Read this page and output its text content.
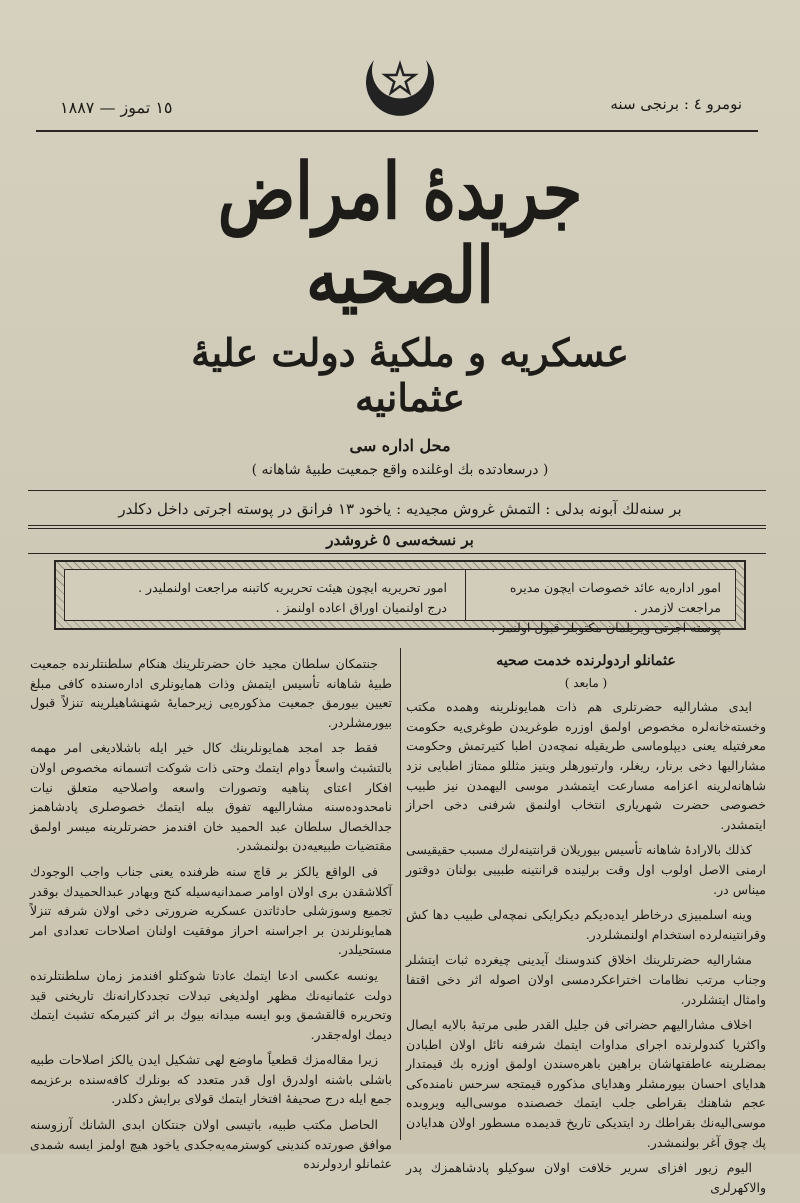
نومرو ٤ : برنجی سنه
١٥ تموز — ١٨٨٧
جریدۀ امراض الصحیه
عسکریه و ملکیۀ دولت علیۀ عثمانیه
محل اداره سی
( درسعادتده بك اوغلنده واقع جمعیت طبیۀ شاهانه )
بر سنه‌لك آبونه بدلی : التمش غروش مجیدیه : یاخود ١٣ فرانق در پوسته اجرتی داخل دكلدر
بر نسخه‌سی ٥ غروشدر
امور اداره‌یه عائد خصوصات ایچون مدیره مراجعت لازمدر .
پوسته اجرتی ویریلمان مکتوبلر قبول اولنمز .
امور تحریریه ایچون هیئت تحریریه كاتبنه مراجعت اولنملیدر .
درج اولنمیان اوراق اعاده اولنمز .
عثمانلو اردولرنده خدمت صحیه
( مابعد )

ایدی مشارالیه حضرتلری هم ذات همایونلرینه وهمده مکتب وخسته‌خانه‌لره مخصوص اولمق اوزره طوغریدن طوغری‌یه حکومت معرفتیله یعنی دیپلوماسی طریقیله نمچه‌دن اطبا کتیرتمش وحکومت مشارالیها دخی برنار، ریغلر، وارتبورهلر وینیز مثللو ممتاز اطبایی نزد شاهانه‌لرینه اعزامه مسارعت ایتمشدر موسی الیهمدن نیز طبیب خصوصی حضرت شهریاری انتخاب اولنمق شرفنی دخی احراز ایتمشدر.

كذلك بالارادۀ شاهانه تأسیس بیوریلان قرانتینه‌لرك مسبب حقیقیسی ارمنی الاصل اولوب اول وقت برلینده قرانتینه طبیبی بولنان دوقتور میناس در.

وینه اسلمبیزی درخاطر ایده‌دیکم دیکرایکی نمچه‌لی طبیب دها کش وقرانتینه‌لرده استخدام اولنمشلردر.

مشارالیه حضرتلرینك اخلاق کندوسنك آیدینی چیغرده ثبات ایتشلر وجناب مرتب نظامات اختراعکردمسی اولان اصوله اثر دخی اقتفا وامثال ایتشلردر.

اخلاف مشارالیهم حضراتی فن جلیل القدر طبی مرتبۀ بالایه ایصال واکثریا کندولرنده اجرای مداوات ایتمك شرفنه نائل اولان اطبادن بمضلرینه عاطفتهاشان براهین باهره‌سندن اولمق اوزره بك قیمتدار هدایای احسان بیورمشلر وهدایای مذکوره قیمتجه سرحس نامنده‌كی عجم شاهنك بقراطی جلب ایتمك خصصنده موسی‌الیه ویروبده موسی‌الیه‌نك بقراطك رد ایتدیکی تاریخ قدیمده مسطور اولان هدایادن پك چوق آغر بولنمشدر.

الیوم زیور افزای سریر خلافت اولان سوکیلو پادشاهمزك پدر والاکهرلری

جنتمکان سلطان مجید خان حضرتلرینك هنکام سلطنتلرنده جمعیت طبیۀ شاهانه تأسیس ایتمش وذات همایونلری اداره‌سنده کافی مبلغ تعیین بیورمق جمعیت مذکوره‌یی زیرحمایۀ شهنشاهیلرینه تنزلاً قبول بیورمشلردر.

فقط جد امجد همایونلرینك کال خیر ایله باشلادیغی امر مهمه بالتشبث واسعاً دوام ایتمك وحتی ذات شوکت اتسمانه مخصوص اولان افکار اعتای پناهیه وتصورات واسعه واصلاحیه متعلق نیات نامحدوده‌سنه مشارالیهه تفوق بیله ایتمك خصوصلری پادشاهمز جدالخصال سلطان عبد الحمید خان افندمز حضرتلرینه میسر اولمق مقتضیات طبیعیه‌دن بولنمشدر.

فی الواقع یالکز بر قاچ سنه ظرفنده یعنی جناب واجب الوجودك آکلاشقدن بری اولان اوامر صمدانیه‌سیله کنج وبهادر عبدالحمیدك بوقدر تجمیع وسوزشلی حادثاتدن عسکریه ضرورتی دخی اولان شرفه تنزلاً همایونلرندن بر اجراسنه احراز موفقیت اولنان اصلاحات تعدادی امر مستحیلدر.

یونسه عکسی ادعا ایتمك عادتا شوکتلو افندمز زمان سلطنتلرنده دولت عثمانیه‌نك مظهر اولدیغی تبدلات تجددکارانه‌نك تاریخنی قید وتحریره قالقشمق وبو ایسه میدانه بیوك بر اثر کتیرمکه تشبث ایتمك دیمك اوله‌جقدر.

زیرا مقاله‌مزك قطعیاً ماوضع لهی تشکیل ایدن یالکز اصلاحات طبیه باشلی باشنه اولدرق اول قدر متعدد که بونلرك کافه‌سنده برعزیمه جمع ایله درج صحیفۀ افتخار ایتمك قولای برایش دکلدر.

الحاصل مکتب طبیه، باتیسی اولان جنتکان ابدی الشانك آرزوسنه موافق صورتده کندینی کوسترمه‌یه‌جکدی یاخود هیچ اولمز ایسه شمدی عثمانلو اردولرنده
